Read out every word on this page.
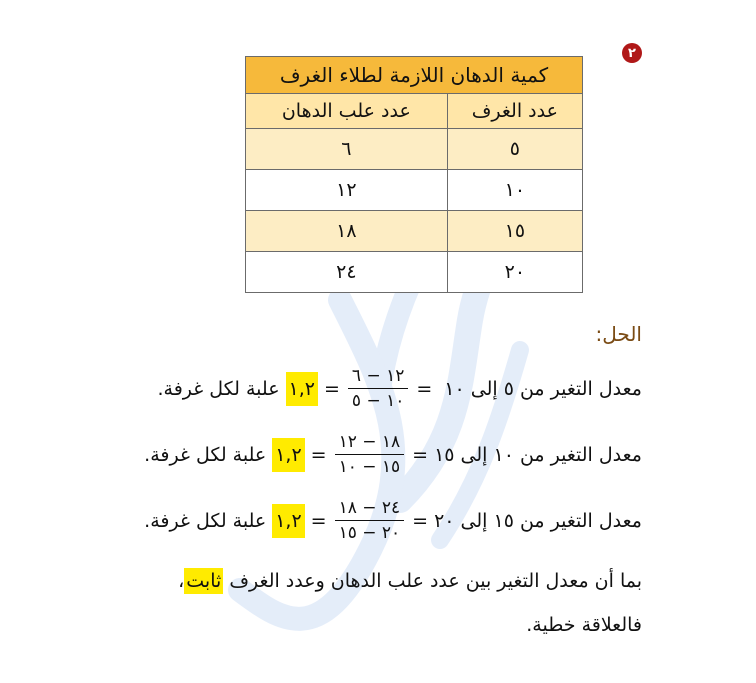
٢
كمية الدهان اللازمة لطلاء الغرف	
عدد الغرف	عدد علب الدهان
٥	٦
١٠	١٢
١٥	١٨
٢٠	٢٤
الحل:
معدل التغير من ٥ إلى ١٠
=
$\frac{١٢ - ٦}{١٠ - ٥}$
=
١,٢
علبة لكل غرفة.
معدل التغير من ١٠ إلى ١٥
=
$\frac{١٨ - ١٢}{١٥ - ١٠}$
=
١,٢
علبة لكل غرفة.
معدل التغير من ١٥ إلى ٢٠
=
$\frac{٢٤ - ١٨}{٢٠ - ١٥}$
=
١,٢
علبة لكل غرفة.
بما أن معدل التغير بين عدد علب الدهان وعدد الغرف ثابت،
فالعلاقة خطية.
